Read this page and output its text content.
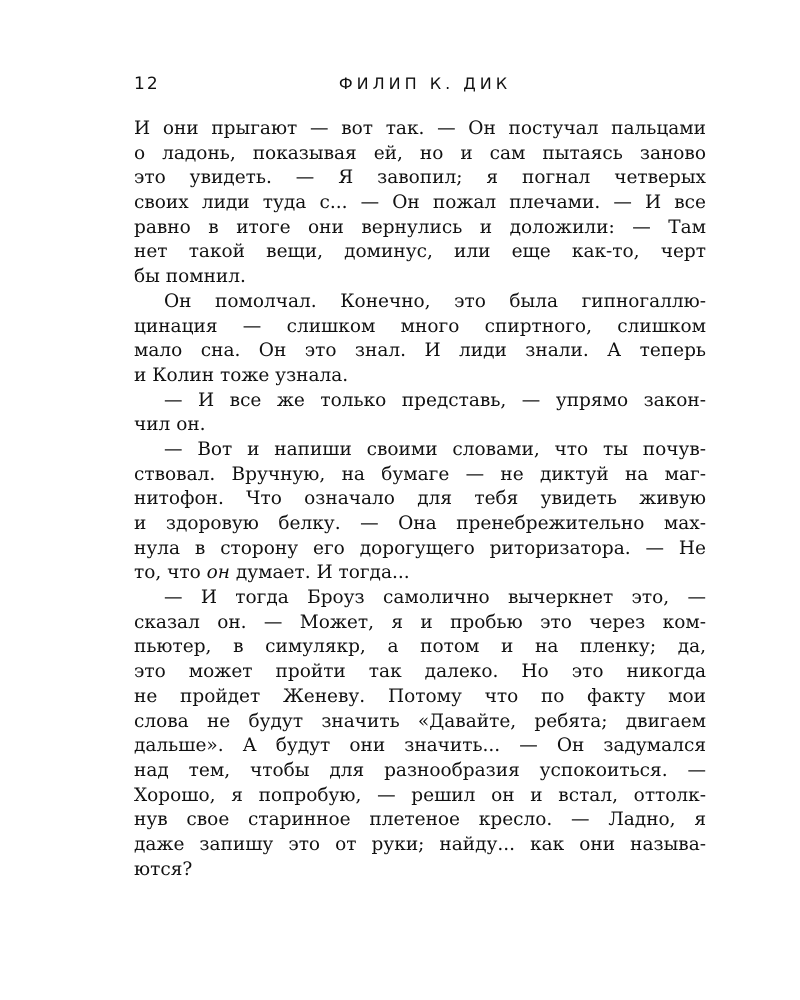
12	ФИЛИП К. ДИК
И они прыгают — вот так. — Он постучал пальцами
о ладонь, показывая ей, но и сам пытаясь заново
это увидеть. — Я завопил; я погнал четверых
своих лиди туда с... — Он пожал плечами. — И все
равно в итоге они вернулись и доложили: — Там
нет такой вещи, доминус, или еще как-то, черт
бы помнил.
Он помолчал. Конечно, это была гипногаллю-
цинация — слишком много спиртного, слишком
мало сна. Он это знал. И лиди знали. А теперь
и Колин тоже узнала.
— И все же только представь, — упрямо закон-
чил он.
— Вот и напиши своими словами, что ты почув-
ствовал. Вручную, на бумаге — не диктуй на маг-
нитофон. Что означало для тебя увидеть живую
и здоровую белку. — Она пренебрежительно мах-
нула в сторону его дорогущего риторизатора. — Не
то, что он думает. И тогда...
— И тогда Броуз самолично вычеркнет это, —
сказал он. — Может, я и пробью это через ком-
пьютер, в симулякр, а потом и на пленку; да,
это может пройти так далеко. Но это никогда
не пройдет Женеву. Потому что по факту мои
слова не будут значить «Давайте, ребята; двигаем
дальше». А будут они значить... — Он задумался
над тем, чтобы для разнообразия успокоиться. —
Хорошо, я попробую, — решил он и встал, оттолк-
нув свое старинное плетеное кресло. — Ладно, я
даже запишу это от руки; найду... как они называ-
ются?
